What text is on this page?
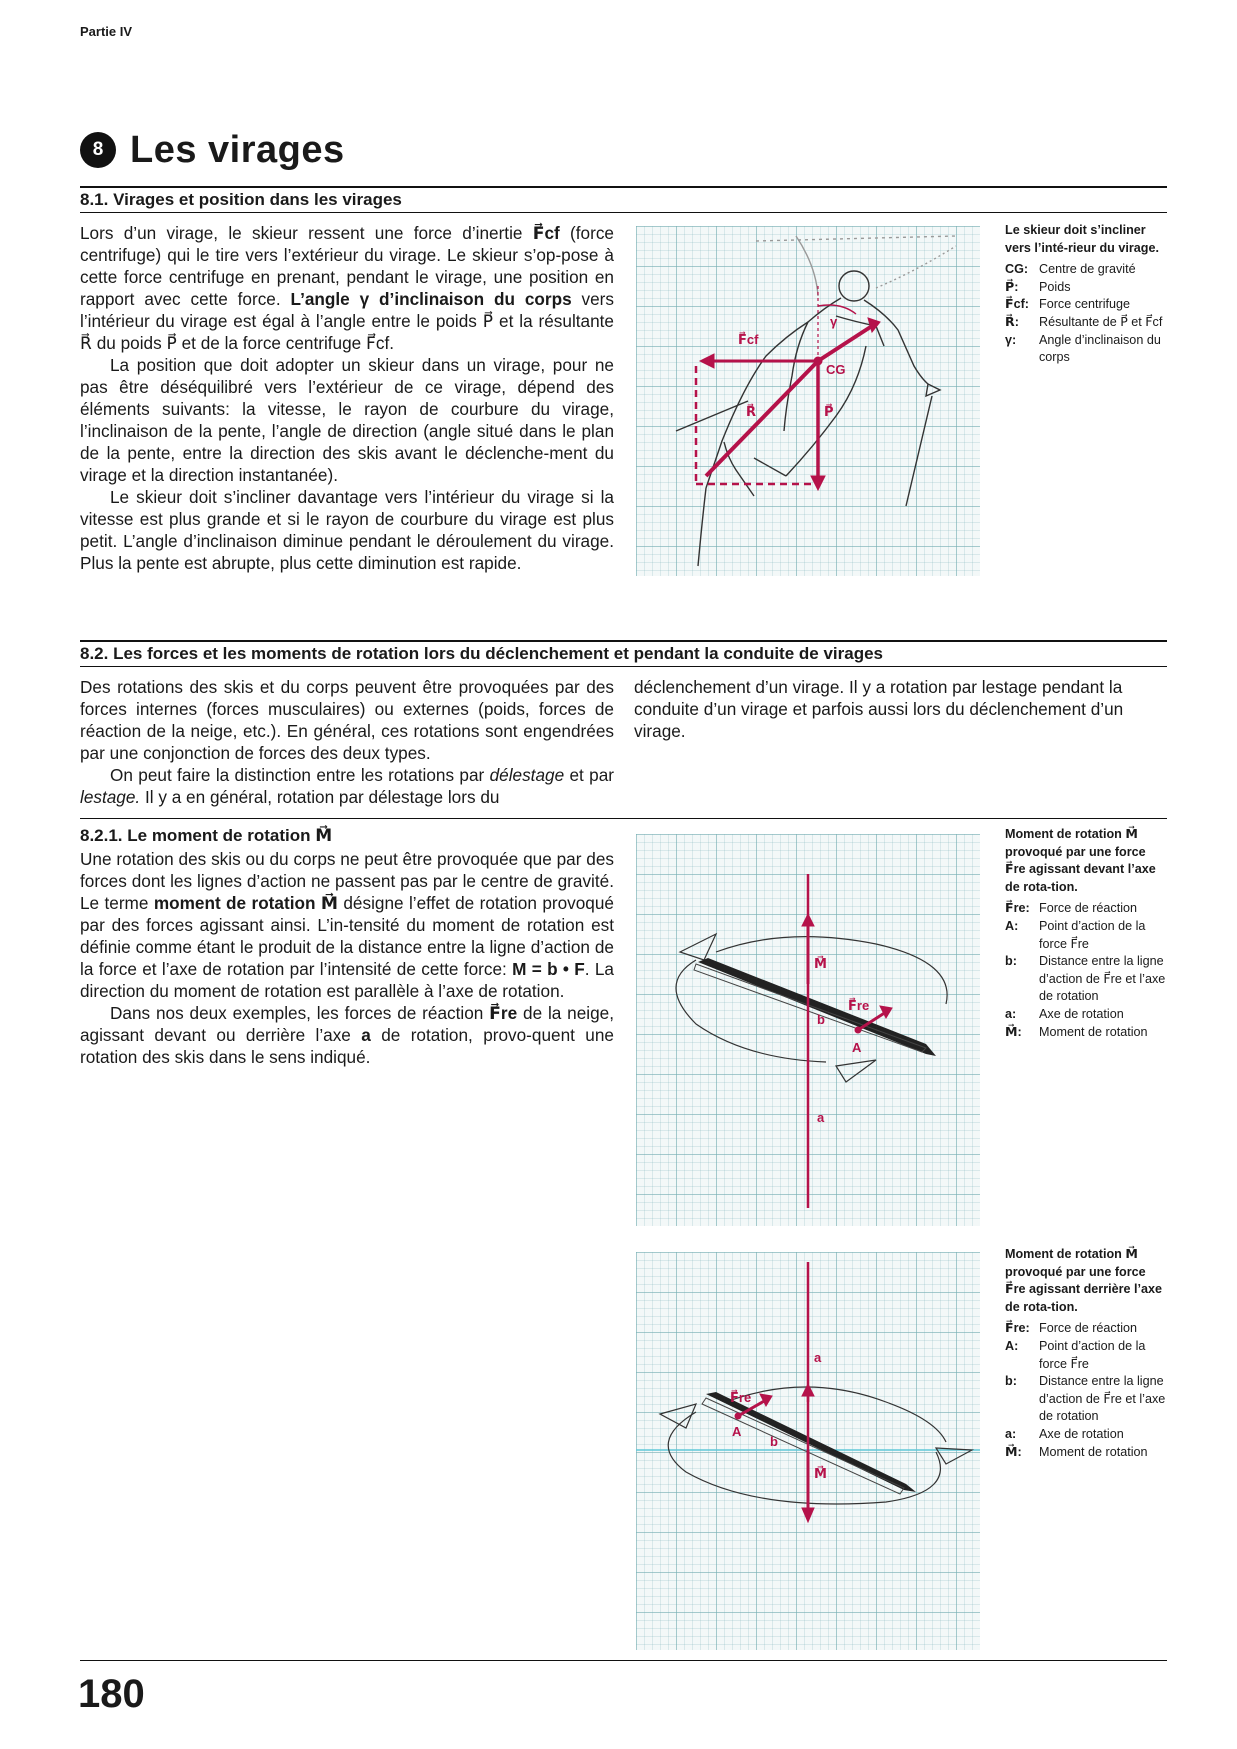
Partie IV
8 Les virages
8.1. Virages et position dans les virages

Lors d’un virage, le skieur ressent une force d’inertie F⃗cf (force centrifuge) qui le tire vers l’extérieur du virage. Le skieur s’op-pose à cette force centrifuge en prenant, pendant le virage, une position en rapport avec cette force. L’angle γ d’inclinaison du corps vers l’intérieur du virage est égal à l’angle entre le poids P⃗ et la résultante R⃗ du poids P⃗ et de la force centrifuge F⃗cf.

La position que doit adopter un skieur dans un virage, pour ne pas être déséquilibré vers l’extérieur de ce virage, dépend des éléments suivants: la vitesse, le rayon de courbure du virage, l’inclinaison de la pente, l’angle de direction (angle situé dans le plan de la pente, entre la direction des skis avant le déclenche-ment du virage et la direction instantanée).

Le skieur doit s’incliner davantage vers l’intérieur du virage si la vitesse est plus grande et si le rayon de courbure du virage est plus petit. L’angle d’inclinaison diminue pendant le déroulement du virage. Plus la pente est abrupte, plus cette diminution est rapide.

F⃗cf
γ
CG
R⃗	P⃗
Le skieur doit s’incliner vers l’inté-rieur du virage.
CG: Centre de gravité
P⃗:	Poids
F⃗cf: Force centrifuge
R⃗:	Résultante de P⃗ et F⃗cf
γ:	Angle d’inclinaison du corps
8.2. Les forces et les moments de rotation lors du déclenchement et pendant la conduite de virages

Des rotations des skis et du corps peuvent être provoquées par des forces internes (forces musculaires) ou externes (poids, forces de réaction de la neige, etc.). En général, ces rotations sont engendrées par une conjonction de forces des deux types.

On peut faire la distinction entre les rotations par délestage et par lestage. Il y a en général, rotation par délestage lors du

déclenchement d’un virage. Il y a rotation par lestage pendant la conduite d’un virage et parfois aussi lors du déclenchement d’un virage.

8.2.1. Le moment de rotation M⃗

Une rotation des skis ou du corps ne peut être provoquée que par des forces dont les lignes d’action ne passent pas par le centre de gravité. Le terme moment de rotation M⃗ désigne l’effet de rotation provoqué par des forces agissant ainsi. L’in-tensité du moment de rotation est définie comme étant le produit de la distance entre la ligne d’action de la force et l’axe de rotation par l’intensité de cette force: M = b • F. La direction du moment de rotation est parallèle à l’axe de rotation.

Dans nos deux exemples, les forces de réaction F⃗re de la neige, agissant devant ou derrière l’axe a de rotation, provo-quent une rotation des skis dans le sens indiqué.

M⃗
F⃗re
b
A
a
Moment de rotation M⃗ provoqué par une force F⃗re agissant devant l’axe de rota-tion.
F⃗re: Force de réaction
A:	Point d’action de la force F⃗re
b:	Distance entre la ligne d’action de F⃗re et l’axe de rotation
a:	Axe de rotation
M⃗:	Moment de rotation
a
F⃗re
A
b
M⃗
Moment de rotation M⃗ provoqué par une force F⃗re agissant derrière l’axe de rota-tion.
F⃗re: Force de réaction
A:	Point d’action de la force F⃗re
b:	Distance entre la ligne d’action de F⃗re et l’axe de rotation
a:	Axe de rotation
M⃗:	Moment de rotation
180
